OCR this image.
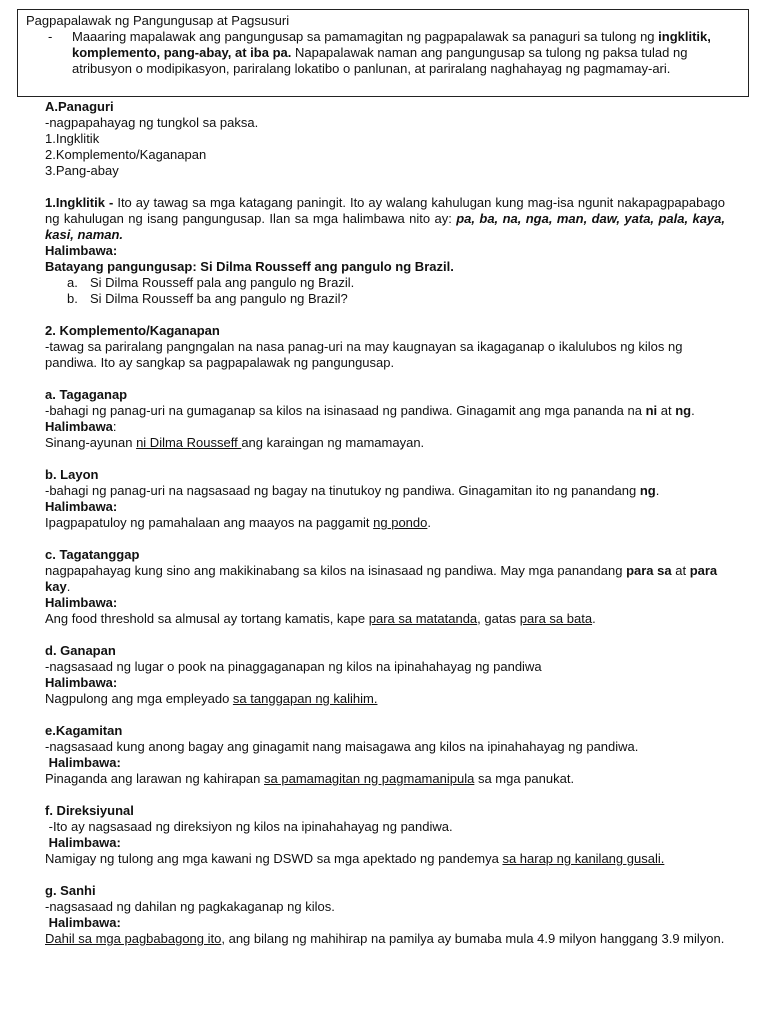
Pagpapalawak ng Pangungusap at Pagsusuri

-	Maaaring mapalawak ang pangungusap sa pamamagitan ng pagpapalawak sa panaguri sa tulong ng ingklitik, komplemento, pang-abay, at iba pa. Napapalawak naman ang pangungusap sa tulong ng paksa tulad ng atribusyon o modipikasyon, pariralang lokatibo o panlunan, at pariralang naghahayag ng pagmamay-ari.

A.Panaguri

-nagpapahayag ng tungkol sa paksa.

1.Ingklitik

2.Komplemento/Kaganapan

3.Pang-abay

1.Ingklitik - Ito ay tawag sa mga katagang paningit. Ito ay walang kahulugan kung mag-isa ngunit nakapagpapabago ng kahulugan ng isang pangungusap. Ilan sa mga halimbawa nito ay: pa, ba, na, nga, man, daw, yata, pala, kaya, kasi, naman.

Halimbawa:

Batayang pangungusap: Si Dilma Rousseff ang pangulo ng Brazil.

a. Si Dilma Rousseff pala ang pangulo ng Brazil.
b. Si Dilma Rousseff ba ang pangulo ng Brazil?

2. Komplemento/Kaganapan

-tawag sa pariralang pangngalan na nasa panag-uri na may kaugnayan sa ikagaganap o ikalulubos ng kilos ng pandiwa. Ito ay sangkap sa pagpapalawak ng pangungusap.

a. Tagaganap

-bahagi ng panag-uri na gumaganap sa kilos na isinasaad ng pandiwa. Ginagamit ang mga pananda na ni at ng.

Halimbawa:

Sinang-ayunan ni Dilma Rousseff ang karaingan ng mamamayan.

b. Layon

-bahagi ng panag-uri na nagsasaad ng bagay na tinutukoy ng pandiwa. Ginagamitan ito ng panandang ng.

Halimbawa:

Ipagpapatuloy ng pamahalaan ang maayos na paggamit ng pondo.

c. Tagatanggap

nagpapahayag kung sino ang makikinabang sa kilos na isinasaad ng pandiwa. May mga panandang para sa at para kay.

Halimbawa:

Ang food threshold sa almusal ay tortang kamatis, kape para sa matatanda, gatas para sa bata.

d. Ganapan

-nagsasaad ng lugar o pook na pinaggaganapan ng kilos na ipinahahayag ng pandiwa

Halimbawa:

Nagpulong ang mga empleyado sa tanggapan ng kalihim.

e.Kagamitan

-nagsasaad kung anong bagay ang ginagamit nang maisagawa ang kilos na ipinahahayag ng pandiwa.

Halimbawa:

Pinaganda ang larawan ng kahirapan sa pamamagitan ng pagmamanipula sa mga panukat.

f. Direksiyunal

-Ito ay nagsasaad ng direksiyon ng kilos na ipinahahayag ng pandiwa.

Halimbawa:

Namigay ng tulong ang mga kawani ng DSWD sa mga apektado ng pandemya sa harap ng kanilang gusali.

g. Sanhi

-nagsasaad ng dahilan ng pagkakaganap ng kilos.

Halimbawa:

Dahil sa mga pagbabagong ito, ang bilang ng mahihirap na pamilya ay bumaba mula 4.9 milyon hanggang 3.9 milyon.
